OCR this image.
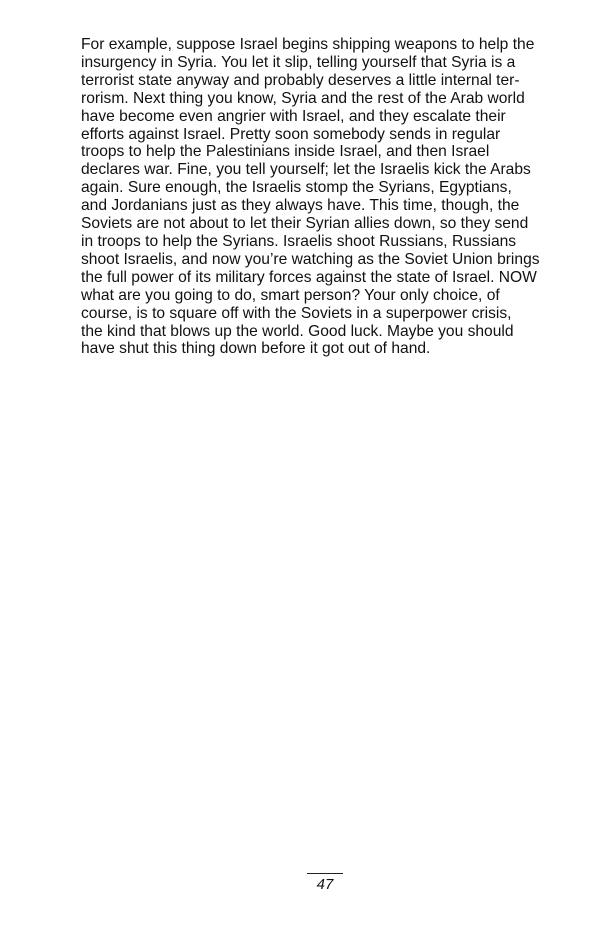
For example, suppose Israel begins shipping weapons to help the
insurgency in Syria. You let it slip, telling yourself that Syria is a
terrorist state anyway and probably deserves a little internal ter-
rorism. Next thing you know, Syria and the rest of the Arab world
have become even angrier with Israel, and they escalate their
efforts against Israel. Pretty soon somebody sends in regular
troops to help the Palestinians inside Israel, and then Israel
declares war. Fine, you tell yourself; let the Israelis kick the Arabs
again. Sure enough, the Israelis stomp the Syrians, Egyptians,
and Jordanians just as they always have. This time, though, the
Soviets are not about to let their Syrian allies down, so they send
in troops to help the Syrians. Israelis shoot Russians, Russians
shoot Israelis, and now you’re watching as the Soviet Union brings
the full power of its military forces against the state of Israel. NOW
what are you going to do, smart person? Your only choice, of
course, is to square off with the Soviets in a superpower crisis,
the kind that blows up the world. Good luck. Maybe you should
have shut this thing down before it got out of hand.

47
